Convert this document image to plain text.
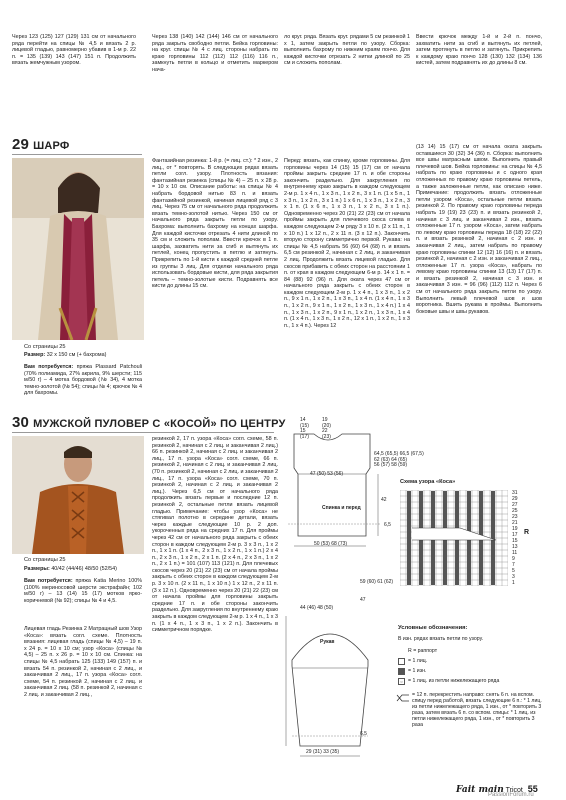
Через 123 (125) 127 (129) 131 см от начального ряда перейти на спицы № 4,5 и вязать 2 р. лицевой гладью, равномерно убавив в 1-м р. 22 п. = 135 (139) 143 (147) 151 п. Продолжить вязать жемчужным узором.
Через 138 (140) 142 (144) 146 см от начального ряда закрыть свободно петли. Бейка горловины: на круг. спицы № 4 с лиц. стороны набрать по краю горловины 112 (112) 112 (116) 116 п., замкнуть петли в кольцо и отметить маркером нача-
ло круг. ряда. Вязать круг. рядами 5 см резинкой 1 х 1, затем закрыть петли по узору. Сборка: выполнить бахрому по нижним краям пончо. Для каждой кисточки отрезать 2 нитки длиной по 25 см и сложить пополам.
Ввести крючок между 1-й и 2-й п. пончо, захватить нити за сгиб и вытянуть их петлей, затем протянуть в петлю и затянуть. Прикрепить к каждому краю пончо 128 (130) 132 (134) 136 кистей, затем подравнять их до длины 8 см.
29 ШАРФ
Со страницы 25
Размер: 32 x 150 см (+ бахрома)
Вам потребуется: пряжа Plassard Patchouli (70% полиамида, 27% акрила, 9% шерсти; 115 м/50 г) – 4 мотка бордовой (№ 34), 4 мотка темно-золотой (№ 54); спицы № 4; крючок № 4 для бахромы.
Фантазийная резинка: 1-й р. (= лиц. ст.): * 2 изн., 2 лиц., от * повторять. В следующих рядах вязать петли согл. узору. Плотность вязания: фантазийная резинка (спицы № 4) – 25 п. x 28 р. = 10 x 10 см. Описание работы: на спицы № 4 набрать бордовой нитью 83 п. и вязать фантазийной резинкой, начиная лицевой ряд с 3 лиц. Через 75 см от начального ряда продолжить вязать темно-золотой нитью. Через 150 см от начального ряда закрыть петли по узору. Бахрома: выполнить бахрому на концах шарфа. Для каждой кисточки отрезать 4 нити длиной по 35 см и сложить пополам. Ввести крючок в 1 п. шарфа, захватить нити за сгиб и вытянуть их петлей, конец пропустить в петлю и затянуть. Прикрепить по 1-й кисти к каждой средней петле из группы 3 лиц. Для отделки начального ряда использовать бордовые кисти, для ряда закрытия петель – темно-золотые кисти. Подравнять все кисти до длины 15 см.
30 МУЖСКОЙ ПУЛОВЕР С «КОСОЙ» ПО ЦЕНТРУ
Со страницы 25
Размеры: 40/42 (44/46) 48/50 (52/54)
Вам потребуется: пряжа Katia Merino 100% (100% мериносовой шерсти экстрафайн; 102 м/50 г) – 13 (14) 15 (17) мотков ярко-коричневой (№ 92); спицы № 4 и 4,5.
Лицевая гладь Резинка 2 Матрацный шов Узор «Коса»: вязать согл. схеме. Плотность вязания: лицевая гладь (спицы № 4,5) – 19 п. x 24 р. = 10 x 10 см; узор «Коса» (спицы № 4,5) – 25 п. x 26 р. = 10 x 10 см. Спинка: на спицы № 4,5 набрать 125 (133) 149 (157) п. и вязать 54 п. резинкой 2, начиная с 2 лиц., и заканчивая 2 лиц., 17 п. узора «Коса» согл. схеме, 54 п. резинкой 2, начиная с 2 лиц. и заканчивая 2 лиц. (58 п. резинкой 2, начиная с 2 лиц. и заканчивая 2 лиц.,
резинкой 2, 17 п. узора «Коса» согл. схеме, 58 п. резинкой 2, начиная с 2 лиц. и заканчивая 2 лиц.) 66 п. резинкой 2, начиная с 2 лиц. и заканчивая 2 лиц., 17 п. узора «Коса» согл. схеме, 66 п. резинкой 2, начиная с 2 лиц. и заканчивая 2 лиц. (70 п. резинкой 2, начиная с 2 лиц. и заканчивая 2 лиц., 17 п. узора «Коса» согл. схеме, 70 п. резинкой 2, начиная с 2 лиц. и заканчивая 2 лиц.). Через 6,5 см от начального ряда продолжить вязать первые и последние 12 п. резинкой 2, остальные петли вязать лицевой гладью. Примечание: чтобы узор «Коса» не стягивал полотно в середине детали, вязать через каждые следующие 10 р. 2 доп. укороченных ряда на средних 17 п. Для проймы через 42 см от начального ряда закрыть с обеих сторон в каждом следующем 2-м р. 3 x 3 п., 1 x 2 п., 1 x 1 п. (1 x 4 п., 2 x 3 п., 1 x 2 п., 1 x 1 п.) 2 x 4 п., 2 x 3 п., 1 x 2 п., 2 x 1 п. (2 x 4 п., 2 x 3 п., 1 x 2 п., 2 x 1 п.) = 101 (107) 113 (121) п. Для плечевых скосов через 20 (21) 22 (23) см от начала проймы закрыть с обеих сторон в каждом следующем 2-м р. 3 x 10 п. (2 x 11 п., 1 x 10 п.) 1 x 12 п., 2 x 11 п. (3 x 12 п.). Одновременно через 20 (21) 22 (23) см от начала проймы для горловины закрыть средние 17 п. и обе стороны закончить раздельно. Для закругления по внутреннему краю закрыть в каждом следующем 2-м р. 1 x 4 п., 1 x 3 п. (1 x 4 п., 1 x 3 п., 1 x 2 п.). Закончить в симметричном порядке.
Перед: вязать, как спинку, кроме горловины. Для горловины через 14 (15) 15 (17) см от начала проймы закрыть средние 17 п. и обе стороны закончить раздельно. Для закругления по внутреннему краю закрыть в каждом следующем 2-м р. 1 x 4 п., 1 x 3 п., 1 x 2 п., 3 x 1 п. (1 x 5 п., 1 x 3 п., 1 x 2 п., 3 x 1 п.) 1 x 6 п., 1 x 3 п., 1 x 2 п., 3 x 1 п. (1 x 6 п., 1 x 3 п., 1 x 2 п., 3 x 1 п.). Одновременно через 20 (21) 22 (23) см от начала проймы закрыть для плечевого скоса слева в каждом следующем 2-м ряду 3 x 10 п. (2 x 11 п., 1 x 10 п.) 1 x 12 п., 2 x 11 п. (3 x 12 п.). Закончить вторую сторону симметрично первой. Рукава: на спицы № 4,5 набрать 56 (60) 64 (68) п. и вязать 6,5 см резинкой 2, начиная с 2 лиц. и заканчивая 2 лиц. Продолжить вязать лицевой гладью. Для скосов прибавить с обеих сторон на расстоянии 1 п. от края в каждом следующем 6-м р. 14 x 1 п. = 84 (88) 92 (96) п. Для оката через 47 см от начального ряда закрыть с обеих сторон в каждом следующем 2-м р. 1 x 4 п., 1 x 3 п., 1 x 2 п., 9 x 1 п., 1 x 2 п., 1 x 3 п., 1 x 4 п. (1 x 4 п., 1 x 3 п., 1 x 2 п., 9 x 1 п., 1 x 2 п., 1 x 3 п., 1 x 4 п.) 1 x 4 п., 1 x 3 п., 1 x 2 п., 9 x 1 п., 1 x 2 п., 1 x 3 п., 1 x 4 п. (1 x 4 п., 1 x 3 п., 1 x 2 п., 12 x 1 п., 1 x 2 п., 1 x 3 п., 1 x 4 п.). Через 12
(13 14) 15 (17) см от начала оката закрыть оставшиеся 30 (32) 34 (36) п. Сборка: выполнить все швы матрасным швом. Выполнить правый плечевой шов. Бейка горловины: на спицы № 4,5 набрать по краю горловины и с одного края отложенных по правому краю горловины петель, а также заложенные петли, как описано ниже. Примечание: продолжить вязать отложенные петли узором «Коса», остальные петли вязать резинкой 2. По правому краю горловины переда набрать 19 (19) 23 (23) п. и вязать резинкой 2, начиная с 3 лиц. и заканчивая 2 изн., вязать отложенные 17 п. узором «Коса», затем набрать по левому краю горловины переда 18 (18) 22 (22) п. и вязать резинкой 2, начиная с 2 изн. и заканчивая 2 лиц., затем набрать по правому краю горловины спинки 12 (12) 16 (16) п. и вязать резинкой 2, начиная с 2 изн. и заканчивая 2 лиц., отложенные 17 п. узора «Коса», набрать по левому краю горловины спинки 13 (13) 17 (17) п. и вязать резинкой 2, начиная с 3 изн. и заканчивая 3 изн. = 96 (96) (112) 112 п. Через 6 см от начального ряда закрыть петли по узору. Выполнить левый плечевой шов и шов воротника. Вшить рукава в проймы. Выполнить боковые швы и швы рукавов.
14
(15)
15
(17)
19
(20)
22
(23)
64,5 (65,5) 66,5 (67,5)
62 (63) 64 (65)
56 (57) 58 (59)
47 (50) 53 (56)
42
Спинка и перед
6,5
50 (53) 68 (73)
59 (60) 61 (62)
47
44 (46) 48 (50)
Рукав
6,5
29 (31) 33 (35)
Схема узора «Коса»
31
29
27
25
23
21
19
17
15
13
11
9
7
5
3
1
R
Условные обозначения:
В изн. рядах вязать петли по узору.
R = раппорт
= 1 лиц.
= 1 изн.
○	= 1 лиц. из петли нижележащего ряда
= 12 п. перекрестить направо: снять 6 п. на вспом. спицу перед работой, вязать следующие 6 п.: * 1 лиц. из петли нижележащего ряда, 1 изн., от * повторить 3 раза, затем вязать 6 п. со вспом. спицы: * 1 лиц. из петли нижележащего ряда, 1 изн., от * повторить 3 раза
Fait main Tricot 55
PassionForum.ru
